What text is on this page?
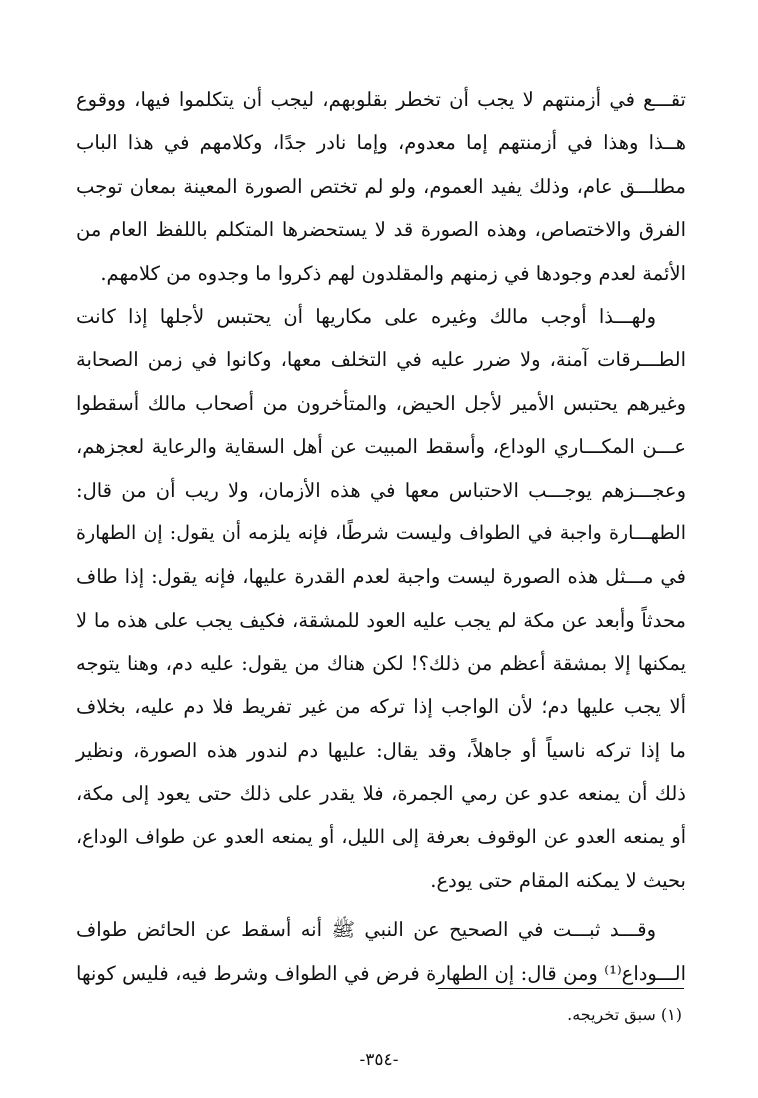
تقـــع في أزمنتهم لا يجب أن تخطر بقلوبهم، ليجب أن يتكلموا فيها، ووقوع
هــذا وهذا في أزمنتهم إما معدوم، وإما نادر جدًا، وكلامهم في هذا الباب
مطلـــق عام، وذلك يفيد العموم، ولو لم تختص الصورة المعينة بمعان توجب
الفرق والاختصاص، وهذه الصورة قد لا يستحضرها المتكلم باللفظ العام من
الأئمة لعدم وجودها في زمنهم والمقلدون لهم ذكروا ما وجدوه من كلامهم.
ولهـــذا أوجب مالك وغيره على مكاريها أن يحتبس لأجلها إذا كانت
الطـــرقات آمنة، ولا ضرر عليه في التخلف معها، وكانوا في زمن الصحابة
وغيرهم يحتبس الأمير لأجل الحيض، والمتأخرون من أصحاب مالك أسقطوا
عـــن المكـــاري الوداع، وأسقط المبيت عن أهل السقاية والرعاية لعجزهم،
وعجـــزهم يوجـــب الاحتباس معها في هذه الأزمان، ولا ريب أن من قال:
الطهـــارة واجبة في الطواف وليست شرطًا، فإنه يلزمه أن يقول: إن الطهارة
في مـــثل هذه الصورة ليست واجبة لعدم القدرة عليها، فإنه يقول: إذا طاف
محدثاً وأبعد عن مكة لم يجب عليه العود للمشقة، فكيف يجب على هذه ما لا
يمكنها إلا بمشقة أعظم من ذلك؟! لكن هناك من يقول: عليه دم، وهنا يتوجه
ألا يجب عليها دم؛ لأن الواجب إذا تركه من غير تفريط فلا دم عليه، بخلاف
ما إذا تركه ناسياً أو جاهلاً، وقد يقال: عليها دم لندور هذه الصورة، ونظير
ذلك أن يمنعه عدو عن رمي الجمرة، فلا يقدر على ذلك حتى يعود إلى مكة،
أو يمنعه العدو عن الوقوف بعرفة إلى الليل، أو يمنعه العدو عن طواف الوداع،
بحيث لا يمكنه المقام حتى يودع.
وقـــد ثبـــت في الصحيح عن النبي ﷺ أنه أسقط عن الحائض طواف
الـــوداع⁽¹⁾ ومن قال: إن الطهارة فرض في الطواف وشرط فيه، فليس كونها
(١) سبق تخريجه.
-٣٥٤-
